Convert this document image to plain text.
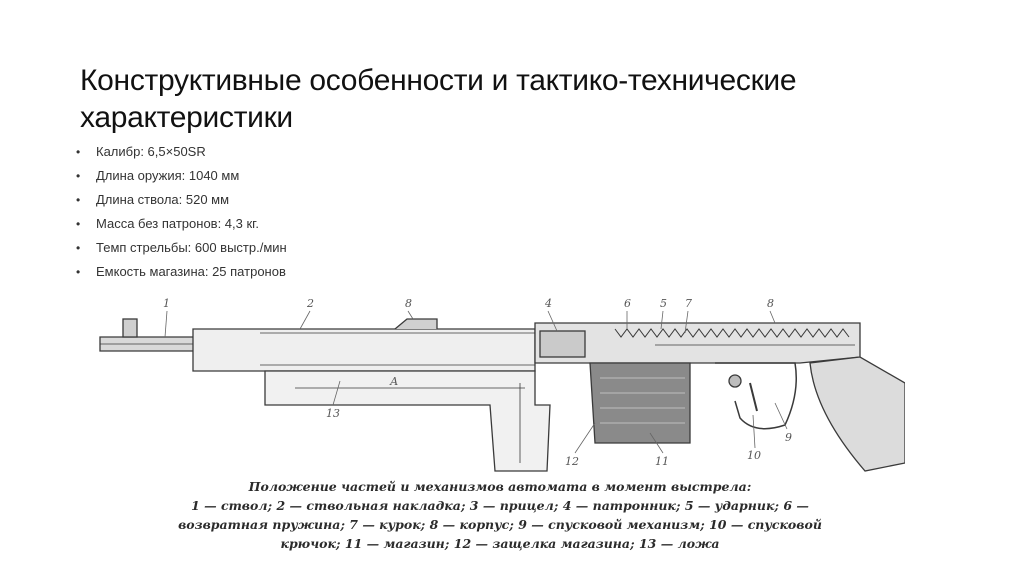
Конструктивные особенности и тактико-технические
характеристики
• Калибр: 6,5×50SR
• Длина оружия: 1040 мм
• Длина ствола: 520 мм
• Масса без патронов: 4,3 кг.
• Темп стрельбы: 600 выстр./мин
• Емкость магазина: 25 патронов
1	2	8	4	6	5 7	8
13
12	11	10
9
А
Положение частей и механизмов автомата в момент выстрела:
1 — ствол; 2 — ствольная накладка; 3 — прицел; 4 — патронник; 5 — ударник; 6 —
возвратная пружина; 7 — курок; 8 — корпус; 9 — спусковой механизм; 10 — спусковой
крючок; 11 — магазин; 12 — защелка магазина; 13 — ложа
